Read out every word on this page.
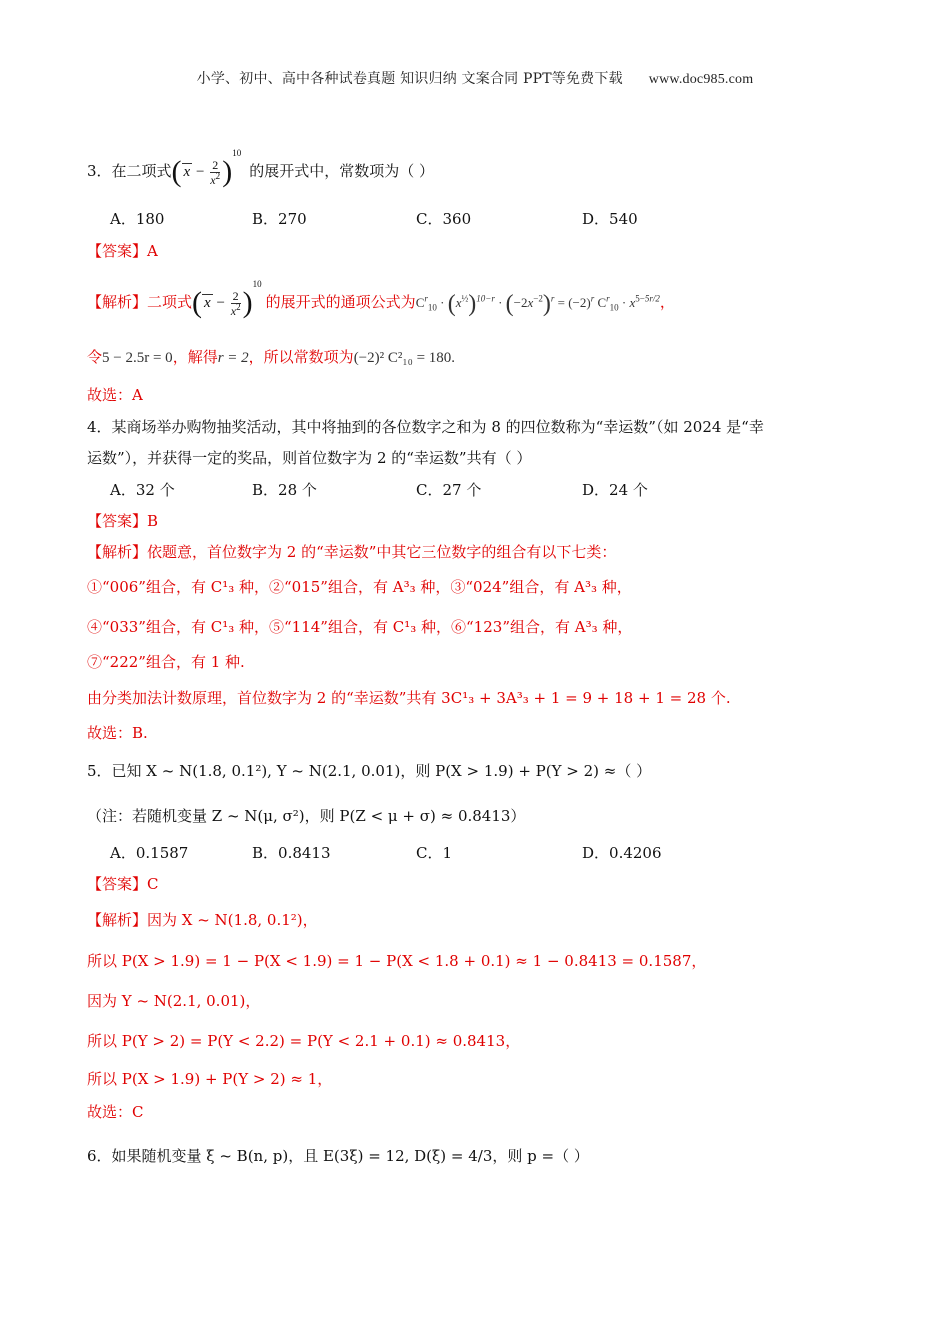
小学、初中、高中各种试卷真题 知识归纳 文案合同 PPT等免费下载 www.doc985.com
3．在二项式( $x - \frac{2}{x^2} )^{10}$的展开式中，常数项为（ ）
A．180	B．270	C．360	D．540
【答案】A
【解析】二项式( $x - \frac{2}{x^2} )^{10}$的展开式的通项公式为$C^r_{10} \cdot (x^{\frac{1}{2}})^{10-r} \cdot (-2x^{-2})^r = (-2)^r$ $C^r_{10} \cdot x^{5-5r/2}$，
令5 − 2.5r = 0，解得r = 2，所以常数项为(−2)² C²₁₀ = 180.
故选：A
4．某商场举办购物抽奖活动，其中将抽到的各位数字之和为 8 的四位数称为“幸运数”（如 2024 是“幸
运数”），并获得一定的奖品，则首位数字为 2 的“幸运数”共有（ ）
A．32 个	B．28 个	C．27 个	D．24 个
【答案】B
【解析】依题意，首位数字为 2 的“幸运数”中其它三位数字的组合有以下七类：
①“006”组合，有 C¹₃ 种，②“015”组合，有 A³₃ 种，③“024”组合，有 A³₃ 种，
④“033”组合，有 C¹₃ 种，⑤“114”组合，有 C¹₃ 种，⑥“123”组合，有 A³₃ 种，
⑦“222”组合，有 1 种.
由分类加法计数原理，首位数字为 2 的“幸运数”共有 3C¹₃ + 3A³₃ + 1 = 9 + 18 + 1 = 28 个.
故选：B.
5．已知 X ~ N(1.8, 0.1²), Y ~ N(2.1, 0.01)，则 P(X > 1.9) + P(Y > 2) ≈（ ）
（注：若随机变量 Z ~ N(μ, σ²)，则 P(Z < μ + σ) ≈ 0.8413）
A．0.1587	B．0.8413	C．1	D．0.4206
【答案】C
【解析】因为 X ~ N(1.8, 0.1²)，
所以 P(X > 1.9) = 1 − P(X < 1.9) = 1 − P(X < 1.8 + 0.1) ≈ 1 − 0.8413 = 0.1587，
因为 Y ~ N(2.1, 0.01)，
所以 P(Y > 2) = P(Y < 2.2) = P(Y < 2.1 + 0.1) ≈ 0.8413，
所以 P(X > 1.9) + P(Y > 2) ≈ 1，
故选：C
6．如果随机变量 ξ ~ B(n, p)，且 E(3ξ) = 12, D(ξ) = 4/3，则 p =（ ）
